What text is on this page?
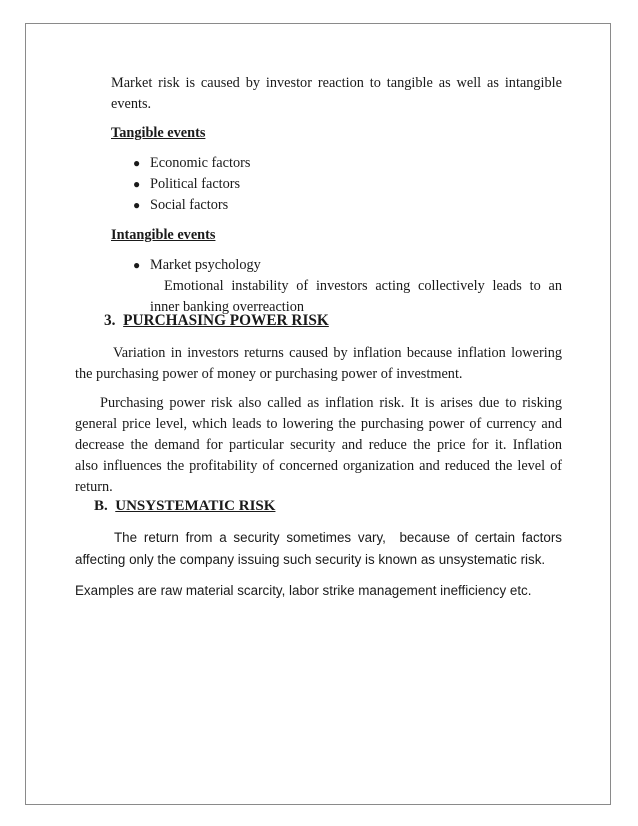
Market risk is caused by investor reaction to tangible as well as intangible
events.
Tangible events
● Economic factors
● Political factors
● Social factors
Intangible events
● Market psychology
Emotional instability of investors acting collectively leads to an
inner banking overreaction
3. PURCHASING POWER RISK
Variation in investors returns caused by inflation because inflation lowering
the purchasing power of money or purchasing power of investment.
Purchasing power risk also called as inflation risk. It is arises due to risking
general price level, which leads to lowering the purchasing power of currency and
decrease the demand for particular security and reduce the price for it. Inflation
also influences the profitability of concerned organization and reduced the level of
return.
B. UNSYSTEMATIC RISK
The return from a security sometimes vary,  because of certain factors
affecting only the company issuing such security is known as unsystematic risk.
Examples are raw material scarcity, labor strike management inefficiency etc.
